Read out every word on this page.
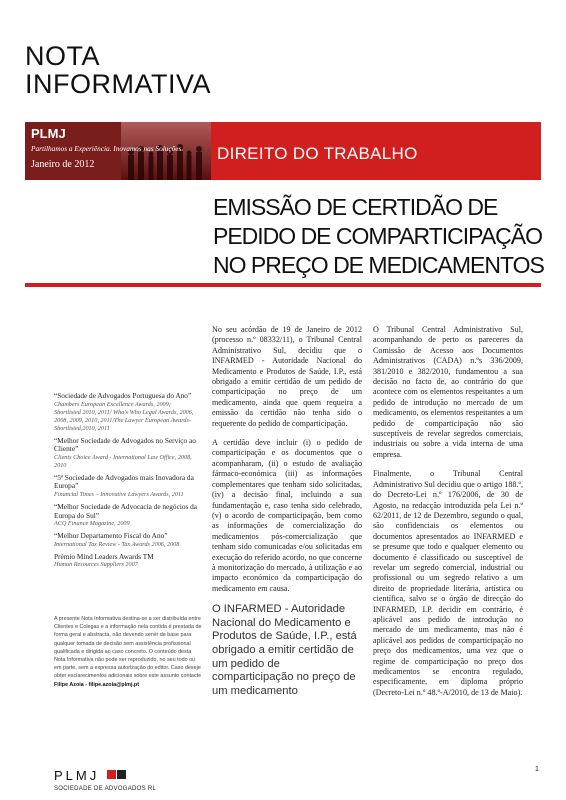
NOTA
INFORMATIVA
PLMJ
Partilhamos a Experiência. Inovamos nas Soluções.
Janeiro de 2012
DIREITO DO TRABALHO
EMISSÃO DE CERTIDÃO DE
PEDIDO DE COMPARTICIPAÇÃO
NO PREÇO DE MEDICAMENTOS
“Sociedade de Advogados Portuguesa do Ano”
Chambers European Excellence Awards, 2009; Shortlisted 2010, 2011/ Who's Who Legal Awards, 2006, 2008, 2009, 2010, 2011/The Lawyer European Awards-Shortlisted,2010, 2011
“Melhor Sociedade de Advogados no Serviço ao Cliente”
Clients Choice Award - International Law Office, 2008, 2010
“5ª Sociedade de Advogados mais Inovadora da Europa”
Financial Times – Innovative Lawyers Awards, 2011
“Melhor Sociedade de Advocacia de negócios da Europa do Sul”
ACQ Finance Magazine, 2009
“Melhor Departamento Fiscal do Ano”
International Tax Review - Tax Awards 2006, 2008
Prémio Mind Leaders Awards TM
Human Resources Suppliers 2007
A presente Nota Informativa destina-se a ser distribuída entre Clientes e Colegas e a informação nela contida é prestada de forma geral e abstracta, não devendo servir de base para qualquer tomada de decisão sem assistência profissional qualificada e dirigida ao caso concreto. O conteúdo desta Nota Informativa não pode ser reproduzido, no seu todo ou em parte, sem a expressa autorização do editor. Caso deseje obter esclarecimentos adicionais sobre este assunto contacte Filipe Azoia - filipe.azoia@plmj.pt

No seu acórdão de 19 de Janeiro de 2012 (processo n.º 08332/11), o Tribunal Central Administrativo Sul, decidiu que o INFARMED - Autoridade Nacional do Medicamento e Produtos de Saúde, I.P., está obrigado a emitir certidão de um pedido de comparticipação no preço de um medicamento, ainda que quem requeira a emissão da certidão não tenha sido o requerente do pedido de comparticipação.

A certidão deve incluir (i) o pedido de comparticipação e os documentos que o acompanharam, (ii) o estudo de avaliação fármaco-económica (iii) as informações complementares que tenham sido solicitadas, (iv) a decisão final, incluindo a sua fundamentação e, caso tenha sido celebrado, (v) o acordo de comparticipação, bem como as informações de comercialização do medicamentos pós-comercialização que tenham sido comunicadas e/ou solicitadas em execução do referido acordo, no que concerne à monitorização do mercado, à utilização e ao impacto económico da comparticipação do medicamento em causa.

O INFARMED - Autoridade Nacional do Medicamento e Produtos de Saúde, I.P., está obrigado a emitir certidão de um pedido de comparticipação no preço de um medicamento

O Tribunal Central Administrativo Sul, acompanhando de perto os pareceres da Comissão de Acesso aos Documentos Administrativos (CADA) n.ºs 336/2009, 381/2010 e 382/2010, fundamentou a sua decisão no facto de, ao contrário do que acontece com os elementos respeitantes a um pedido de introdução no mercado de um medicamento, os elementos respeitantes a um pedido de comparticipação não são susceptíveis de revelar segredos comerciais, industriais ou sobre a vida interna de uma empresa.

Finalmente, o Tribunal Central Administrativo Sul decidiu que o artigo 188.º, do Decreto-Lei n.º 176/2006, de 30 de Agosto, na redacção introduzida pela Lei n.º 62/2011, de 12 de Dezembro, segundo o qual, são confidenciais os elementos ou documentos apresentados ao INFARMED e se presume que todo e qualquer elemento ou documento é classificado ou susceptível de revelar um segredo comercial, industrial ou profissional ou um segredo relativo a um direito de propriedade literária, artística ou científica, salvo se o órgão de direcção do INFARMED, I.P. decidir em contrário, é aplicável aos pedido de introdução no mercado de um medicamento, mas não é aplicável aos pedidos de comparticipação no preço dos medicamentos, uma vez que o regime de comparticipação no preço dos medicamentos se encontra regulado, especificamente, em diploma próprio (Decreto-Lei n.º 48.º-A/2010, de 13 de Maio).

PLMJ
SOCIEDADE DE ADVOGADOS RL
1
